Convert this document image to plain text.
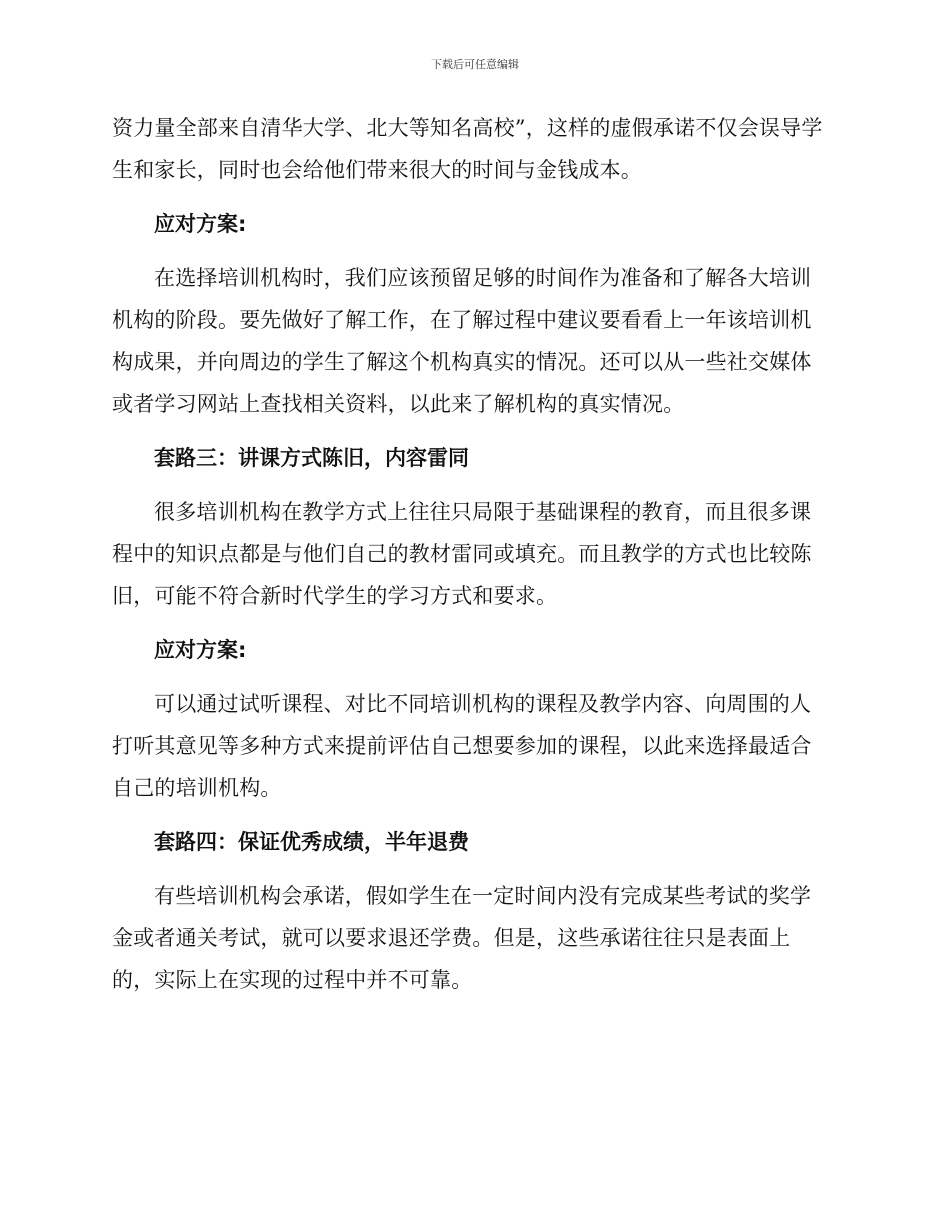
下载后可任意编辑

资力量全部来自清华大学、北大等知名高校”，这样的虚假承诺不仅会误导学生和家长，同时也会给他们带来很大的时间与金钱成本。

应对方案:

在选择培训机构时，我们应该预留足够的时间作为准备和了解各大培训机构的阶段。要先做好了解工作，在了解过程中建议要看看上一年该培训机构成果，并向周边的学生了解这个机构真实的情况。还可以从一些社交媒体或者学习网站上查找相关资料，以此来了解机构的真实情况。

套路三：讲课方式陈旧，内容雷同

很多培训机构在教学方式上往往只局限于基础课程的教育，而且很多课程中的知识点都是与他们自己的教材雷同或填充。而且教学的方式也比较陈旧，可能不符合新时代学生的学习方式和要求。

应对方案:

可以通过试听课程、对比不同培训机构的课程及教学内容、向周围的人打听其意见等多种方式来提前评估自己想要参加的课程，以此来选择最适合自己的培训机构。

套路四：保证优秀成绩，半年退费

有些培训机构会承诺，假如学生在一定时间内没有完成某些考试的奖学金或者通关考试，就可以要求退还学费。但是，这些承诺往往只是表面上的，实际上在实现的过程中并不可靠。
